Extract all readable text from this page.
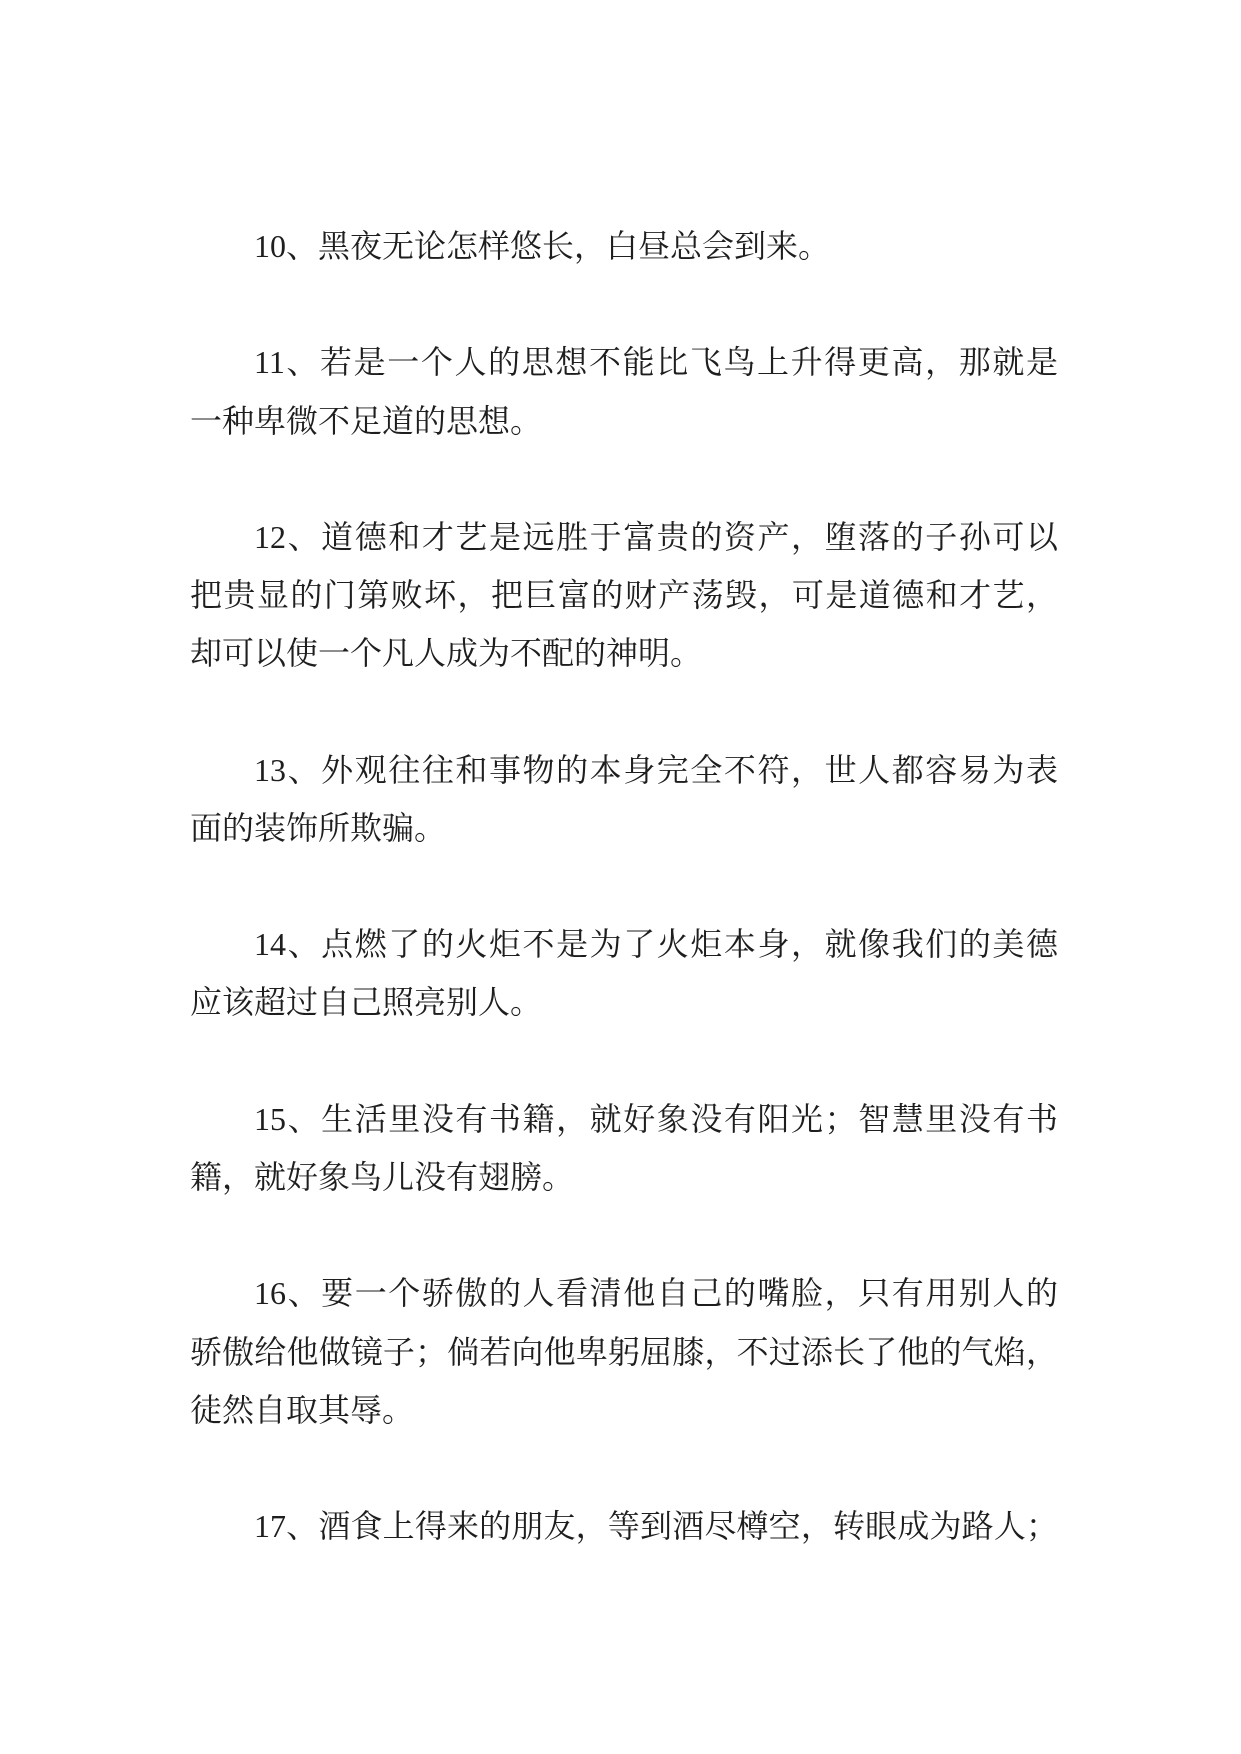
10、黑夜无论怎样悠长，白昼总会到来。
11、若是一个人的思想不能比飞鸟上升得更高，那就是
一种卑微不足道的思想。
12、道德和才艺是远胜于富贵的资产，堕落的子孙可以
把贵显的门第败坏，把巨富的财产荡毁，可是道德和才艺，
却可以使一个凡人成为不配的神明。
13、外观往往和事物的本身完全不符，世人都容易为表
面的装饰所欺骗。
14、点燃了的火炬不是为了火炬本身，就像我们的美德
应该超过自己照亮别人。
15、生活里没有书籍，就好象没有阳光；智慧里没有书
籍，就好象鸟儿没有翅膀。
16、要一个骄傲的人看清他自己的嘴脸，只有用别人的
骄傲给他做镜子；倘若向他卑躬屈膝，不过添长了他的气焰，
徒然自取其辱。
17、酒食上得来的朋友，等到酒尽樽空，转眼成为路人；
